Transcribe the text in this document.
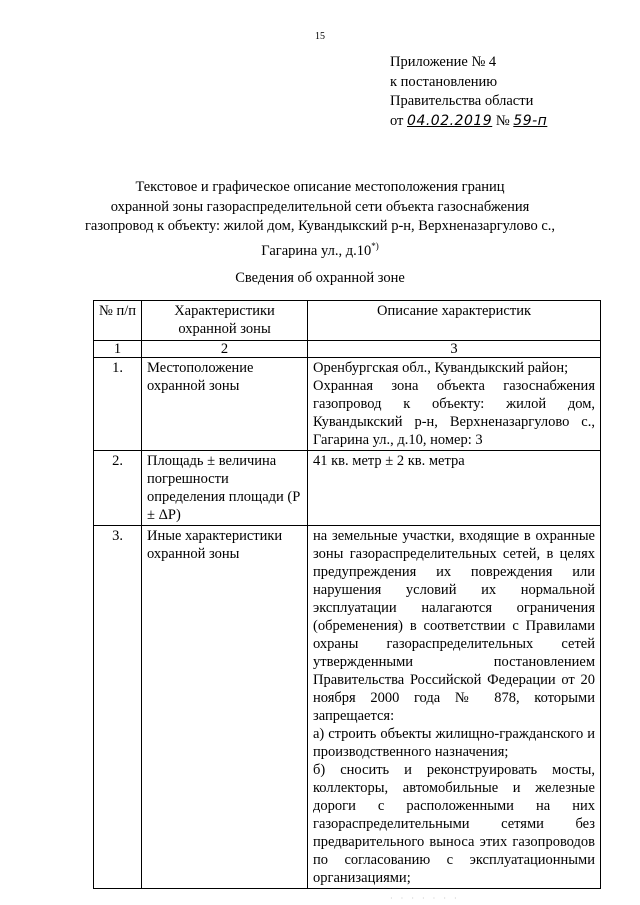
15
Приложение № 4
к постановлению
Правительства области
от 04.02.2019 № 59-п
Текстовое и графическое описание местоположения границ
охранной зоны газораспределительной сети объекта газоснабжения
газопровод к объекту: жилой дом, Кувандыкский р-н, Верхненазаргулово с.,
Гагарина ул., д.10*)
Сведения об охранной зоне
№ п/п	Характеристики охранной зоны	Описание характеристик
1	2	3
1.	Местоположение охранной зоны	Оренбургская обл., Кувандыкский район;
Охранная зона объекта газоснабжения газопровод к объекту: жилой дом, Кувандыкский р-н, Верхненазаргулово с., Гагарина ул., д.10, номер: 3

2.	Площадь ± величина погрешности определения площади (P ± ΔP)	41 кв. метр ± 2 кв. метра

3.	Иные характеристики охранной зоны	на земельные участки, входящие в охранные зоны газораспределительных сетей, в целях предупреждения их повреждения или нарушения условий их нормальной эксплуатации налагаются ограничения (обременения) в соответствии с Правилами охраны газораспределительных сетей утвержденными постановлением Правительства Российской Федерации от 20 ноября 2000 года № 878, которыми запрещается:
а) строить объекты жилищно-гражданского и производственного назначения;
б) сносить и реконструировать мосты, коллекторы, автомобильные и железные дороги с расположенными на них газораспределительными сетями без предварительного выноса этих газопроводов по согласованию с эксплуатационными организациями;
· · · · · · ·
